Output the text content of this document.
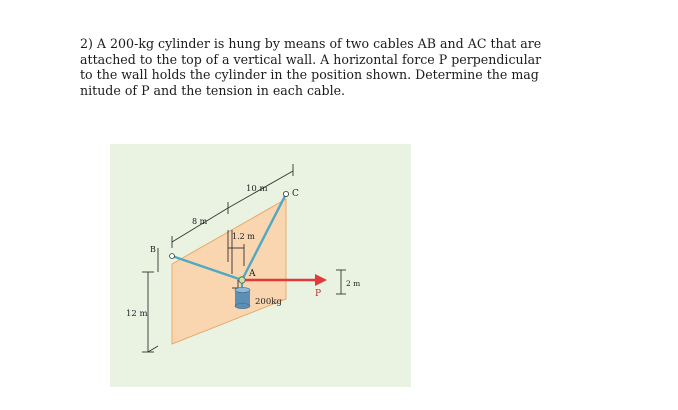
2) A 200-kg cylinder is hung by means of two cables AB and AC that are
attached to the top of a vertical wall. A horizontal force P perpendicular
to the wall holds the cylinder in the position shown. Determine the mag
nitude of P and the tension in each cable.
10 m	C
8 m
1.2 m
B
A
P
2 m
200kg
12 m
